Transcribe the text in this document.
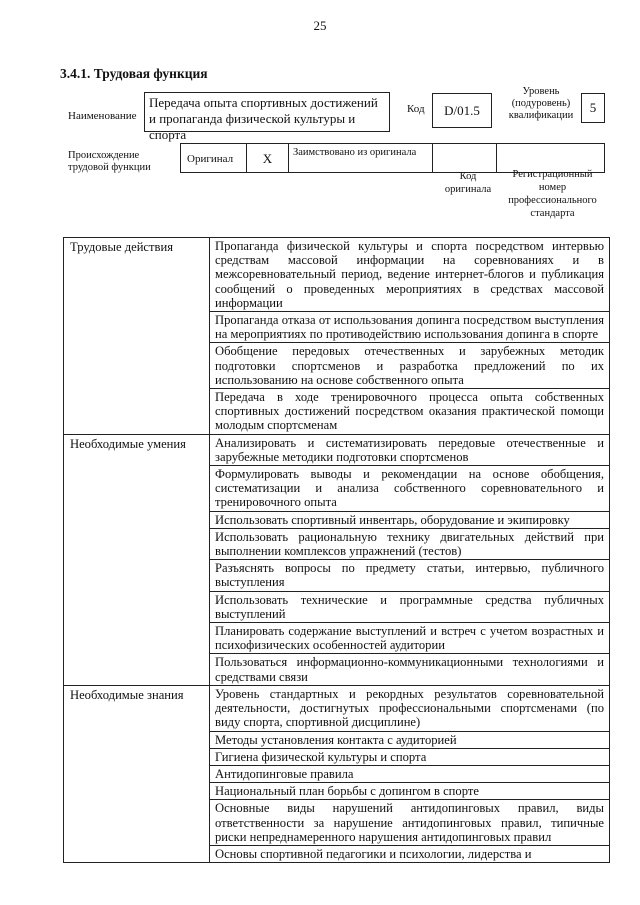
25
3.4.1. Трудовая функция
Наименование
Передача опыта спортивных достижений и пропаганда физической культуры и спорта
Код	D/01.5
Уровень (подуровень) квалификации
5
Происхождение трудовой функции
Оригинал	X	Заимствовано из оригинала
Код оригинала
Регистрационный номер профессионального стандарта
Трудовые действия	Пропаганда физической культуры и спорта посредством интервью средствам массовой информации на соревнованиях и в межсоревновательный период, ведение интернет-блогов и публикация сообщений о проведенных мероприятиях в средствах массовой информации
	Пропаганда отказа от использования допинга посредством выступления на мероприятиях по противодействию использования допинга в спорте
	Обобщение передовых отечественных и зарубежных методик подготовки спортсменов и разработка предложений по их использованию на основе собственного опыта
	Передача в ходе тренировочного процесса опыта собственных спортивных достижений посредством оказания практической помощи молодым спортсменам
Необходимые умения	Анализировать и систематизировать передовые отечественные и зарубежные методики подготовки спортсменов
	Формулировать выводы и рекомендации на основе обобщения, систематизации и анализа собственного соревновательного и тренировочного опыта
	Использовать спортивный инвентарь, оборудование и экипировку
	Использовать рациональную технику двигательных действий при выполнении комплексов упражнений (тестов)
	Разъяснять вопросы по предмету статьи, интервью, публичного выступления
	Использовать технические и программные средства публичных выступлений
	Планировать содержание выступлений и встреч с учетом возрастных и психофизических особенностей аудитории
	Пользоваться информационно-коммуникационными технологиями и средствами связи
Необходимые знания	Уровень стандартных и рекордных результатов соревновательной деятельности, достигнутых профессиональными спортсменами (по виду спорта, спортивной дисциплине)
	Методы установления контакта с аудиторией
	Гигиена физической культуры и спорта
	Антидопинговые правила
	Национальный план борьбы с допингом в спорте
	Основные виды нарушений антидопинговых правил, виды ответственности за нарушение антидопинговых правил, типичные риски непреднамеренного нарушения антидопинговых правил
	Основы спортивной педагогики и психологии, лидерства и
